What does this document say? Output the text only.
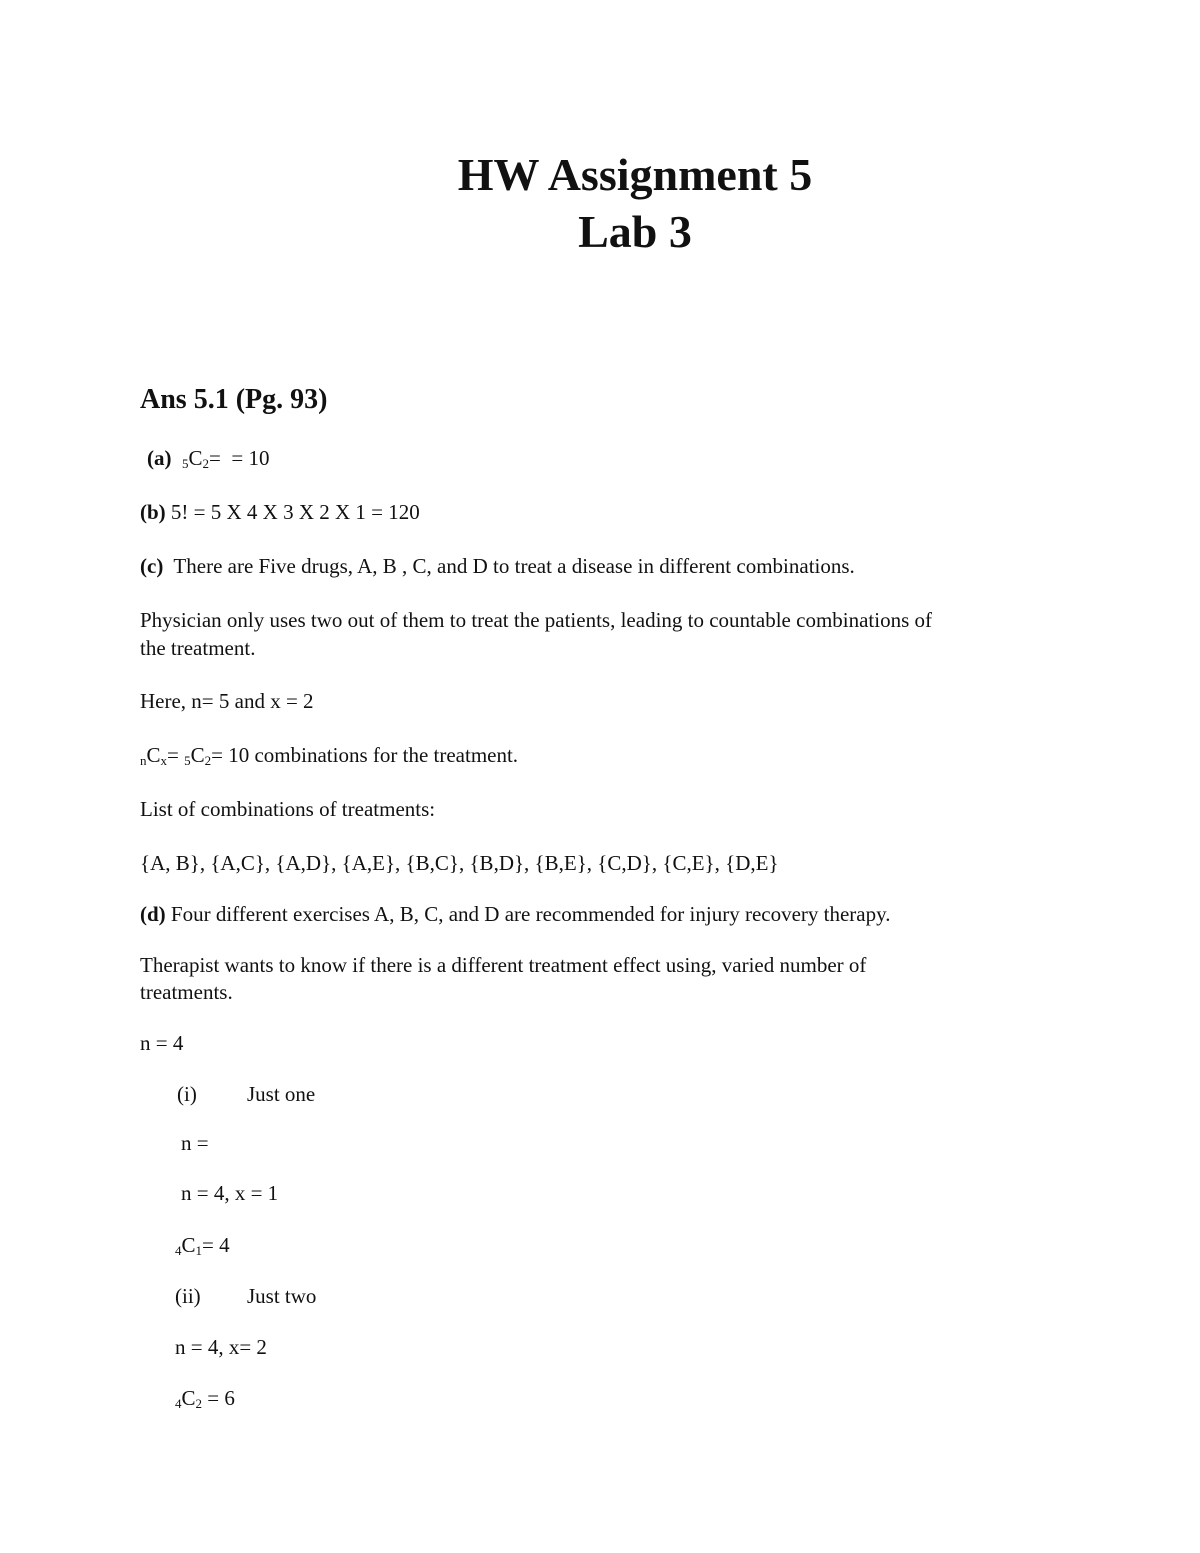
HW Assignment 5
Lab 3
Ans 5.1 (Pg. 93)
(a) 5C2=  = 10
(b) 5! = 5 X 4 X 3 X 2 X 1 = 120
(c)  There are Five drugs, A, B , C, and D to treat a disease in different combinations.
Physician only uses two out of them to treat the patients, leading to countable combinations of
the treatment.
Here, n= 5 and x = 2
nCx= 5C2= 10 combinations for the treatment.
List of combinations of treatments:
{A, B}, {A,C}, {A,D}, {A,E}, {B,C}, {B,D}, {B,E}, {C,D}, {C,E}, {D,E}
(d) Four different exercises A, B, C, and D are recommended for injury recovery therapy.
Therapist wants to know if there is a different treatment effect using, varied number of
treatments.
n = 4
(i) Just one
n =
n = 4, x = 1
4C1= 4
(ii) Just two
n = 4, x= 2
4C2 = 6
